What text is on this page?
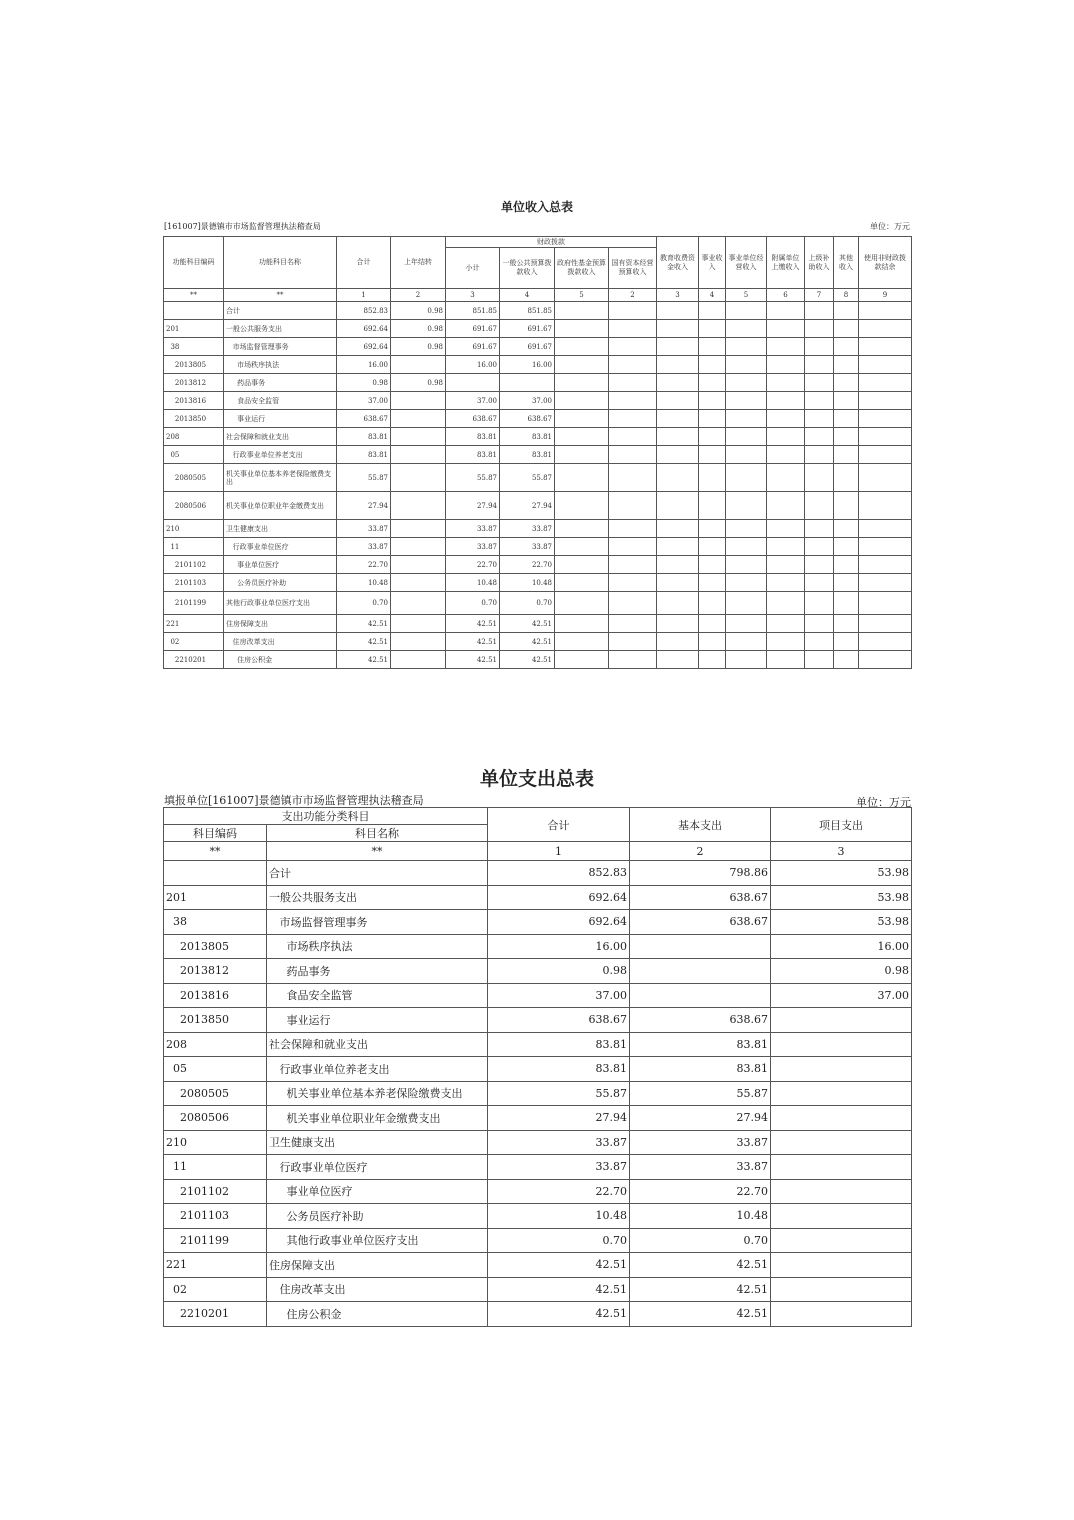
单位收入总表
[161007]景德镇市市场监督管理执法稽查局	单位：万元
功能科目编码	功能科目名称	合计	上年结转	财政拨款				教育收费资金收入	事业收入	事业单位经营收入	附属单位上缴收入	上级补助收入	其他收入	使用非财政拨款结余
				小计	一般公共预算拨款收入	政府性基金预算拨款收入	国有资本经营预算收入							
**	**	1	2	3	4	5	2	3	4	5	6	7	8	9
	合计	852.83	0.98	851.85	851.85									
201	一般公共服务支出	692.64	0.98	691.67	691.67									
38	市场监督管理事务	692.64	0.98	691.67	691.67									
2013805	市场秩序执法	16.00		16.00	16.00									
2013812	药品事务	0.98	0.98											
2013816	食品安全监管	37.00		37.00	37.00									
2013850	事业运行	638.67		638.67	638.67									
208	社会保障和就业支出	83.81		83.81	83.81									
05	行政事业单位养老支出	83.81		83.81	83.81									
2080505	机关事业单位基本养老保险缴费支出	55.87		55.87	55.87									
2080506	机关事业单位职业年金缴费支出	27.94		27.94	27.94									
210	卫生健康支出	33.87		33.87	33.87									
11	行政事业单位医疗	33.87		33.87	33.87									
2101102	事业单位医疗	22.70		22.70	22.70									
2101103	公务员医疗补助	10.48		10.48	10.48									
2101199	其他行政事业单位医疗支出	0.70		0.70	0.70									
221	住房保障支出	42.51		42.51	42.51									
02	住房改革支出	42.51		42.51	42.51									
2210201	住房公积金	42.51		42.51	42.51									
单位支出总表
填报单位[161007]景德镇市市场监督管理执法稽查局	单位：万元
支出功能分类科目		合计	基本支出	项目支出
科目编码	科目名称			
**	**	1	2	3
	合计	852.83	798.86	53.98
201	一般公共服务支出	692.64	638.67	53.98
38	市场监督管理事务	692.64	638.67	53.98
2013805	市场秩序执法	16.00		16.00
2013812	药品事务	0.98		0.98
2013816	食品安全监管	37.00		37.00
2013850	事业运行	638.67	638.67	
208	社会保障和就业支出	83.81	83.81	
05	行政事业单位养老支出	83.81	83.81	
2080505	机关事业单位基本养老保险缴费支出	55.87	55.87	
2080506	机关事业单位职业年金缴费支出	27.94	27.94	
210	卫生健康支出	33.87	33.87	
11	行政事业单位医疗	33.87	33.87	
2101102	事业单位医疗	22.70	22.70	
2101103	公务员医疗补助	10.48	10.48	
2101199	其他行政事业单位医疗支出	0.70	0.70	
221	住房保障支出	42.51	42.51	
02	住房改革支出	42.51	42.51	
2210201	住房公积金	42.51	42.51	
